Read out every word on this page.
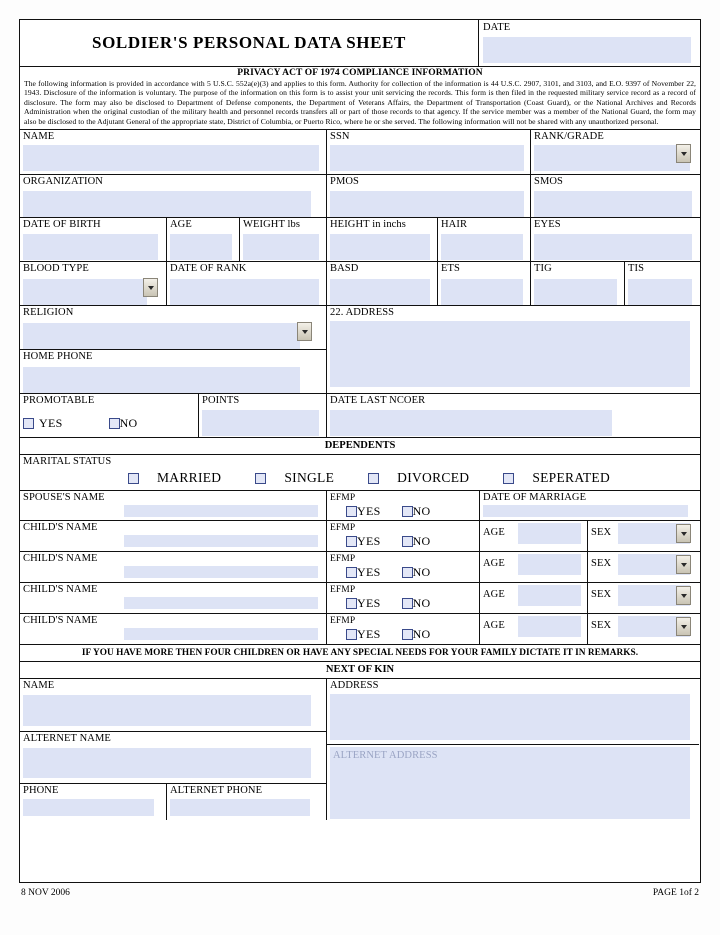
SOLDIER'S PERSONAL DATA SHEET
DATE
PRIVACY ACT OF 1974 COMPLIANCE INFORMATION
The following information is provided in accordance with 5 U.S.C. 552a(e)(3) and applies to this form. Authority for collection of the information is 44 U.S.C. 2907, 3101, and 3103, and E.O. 9397 of November 22, 1943. Disclosure of the information is voluntary. The purpose of the information on this form is to assist your unit servicing the records. This form is then filed in the requested military service record as a record of disclosure. The form may also be disclosed to Department of Defense components, the Department of Veterans Affairs, the Department of Transportation (Coast Guard), or the National Archives and Records Administration when the original custodian of the military health and personnel records transfers all or part of those records to that agency. If the service member was a member of the National Guard, the form may also be disclosed to the Adjutant General of the appropriate state, District of Columbia, or Puerto Rico, where he or she served. The following information will not be shared with any unauthorized personal.
NAME	SSN	RANK/GRADE
ORGANIZATION	PMOS	SMOS
DATE OF BIRTH	AGE	WEIGHT lbs	HEIGHT in inchs	HAIR	EYES
BLOOD TYPE	DATE OF RANK	BASD	ETS	TIG	TIS
RELIGION
HOME PHONE
22. ADDRESS
PROMOTABLE
YES	NO
POINTS	DATE LAST NCOER
DEPENDENTS
MARITAL STATUS
MARRIED	SINGLE	DIVORCED	SEPERATED
SPOUSE'S NAME	EFMP
YES	NO
DATE OF MARRIAGE
CHILD'S NAME	EFMP
YES	NO
AGE	SEX
CHILD'S NAME	EFMP
YES	NO
AGE	SEX
CHILD'S NAME	EFMP
YES	NO
AGE	SEX
CHILD'S NAME	EFMP
YES	NO
AGE	SEX
IF YOU HAVE MORE THEN FOUR CHILDREN OR HAVE ANY SPECIAL NEEDS FOR YOUR FAMILY DICTATE IT IN REMARKS.
NEXT OF KIN
NAME
ALTERNET NAME
PHONE	ALTERNET PHONE
ADDRESS
ALTERNET ADDRESS
8 NOV 2006	PAGE 1of 2
